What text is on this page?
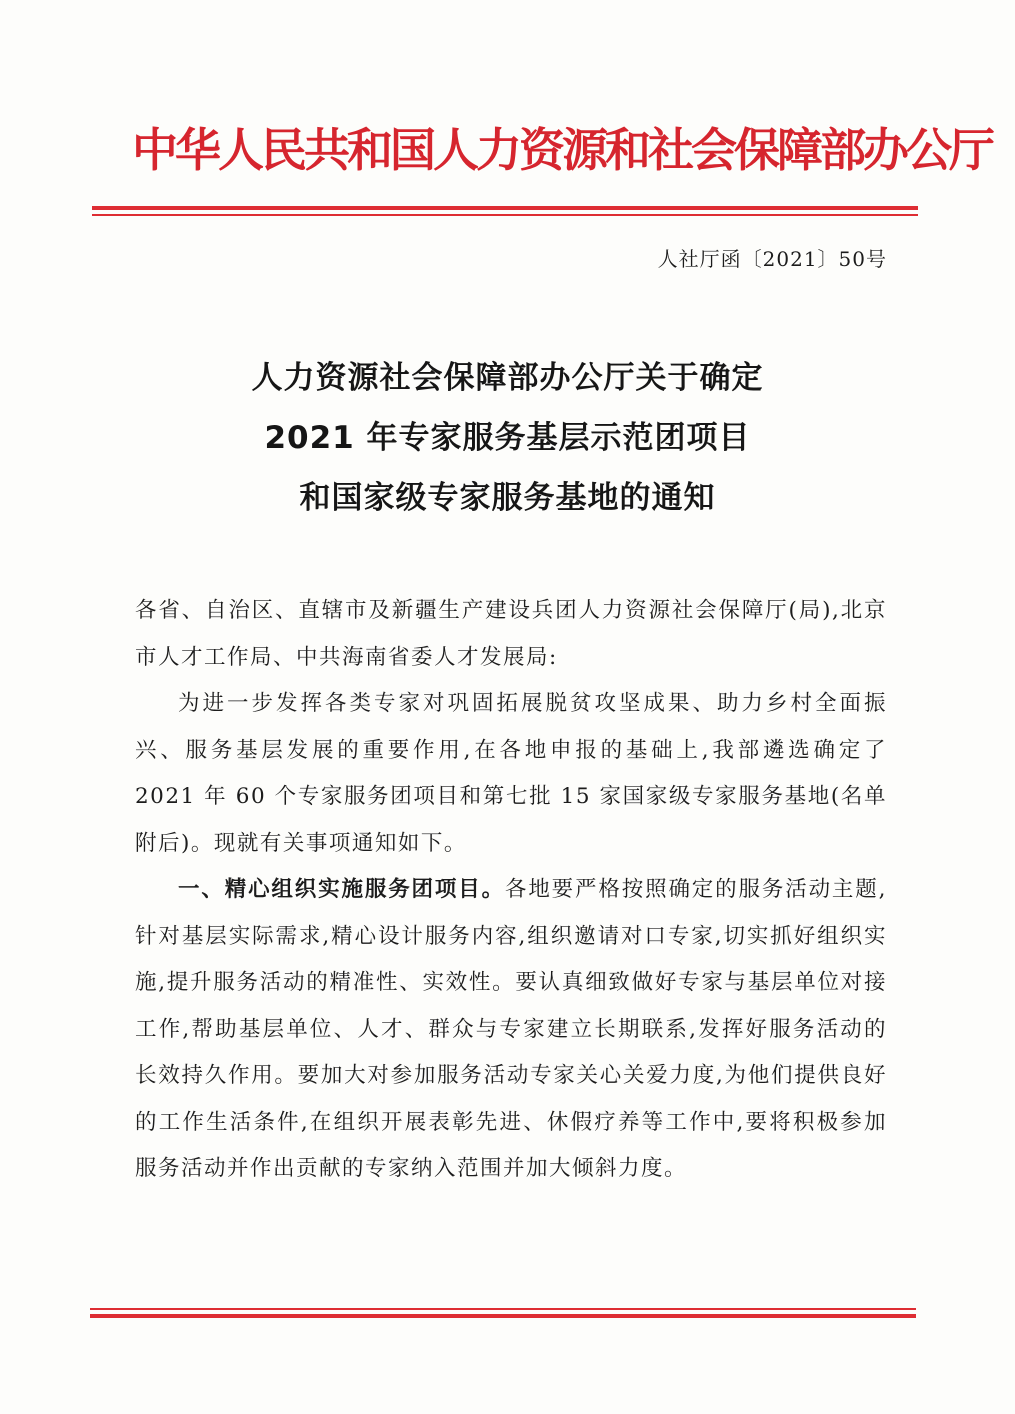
中华人民共和国人力资源和社会保障部办公厅
人社厅函〔2021〕50号
人力资源社会保障部办公厅关于确定
2021 年专家服务基层示范团项目
和国家级专家服务基地的通知

各省、自治区、直辖市及新疆生产建设兵团人力资源社会保障厅(局),北京市人才工作局、中共海南省委人才发展局:

为进一步发挥各类专家对巩固拓展脱贫攻坚成果、助力乡村全面振兴、服务基层发展的重要作用,在各地申报的基础上,我部遴选确定了 2021 年 60 个专家服务团项目和第七批 15 家国家级专家服务基地(名单附后)。现就有关事项通知如下。

一、精心组织实施服务团项目。各地要严格按照确定的服务活动主题,针对基层实际需求,精心设计服务内容,组织邀请对口专家,切实抓好组织实施,提升服务活动的精准性、实效性。要认真细致做好专家与基层单位对接工作,帮助基层单位、人才、群众与专家建立长期联系,发挥好服务活动的长效持久作用。要加大对参加服务活动专家关心关爱力度,为他们提供良好的工作生活条件,在组织开展表彰先进、休假疗养等工作中,要将积极参加服务活动并作出贡献的专家纳入范围并加大倾斜力度。
